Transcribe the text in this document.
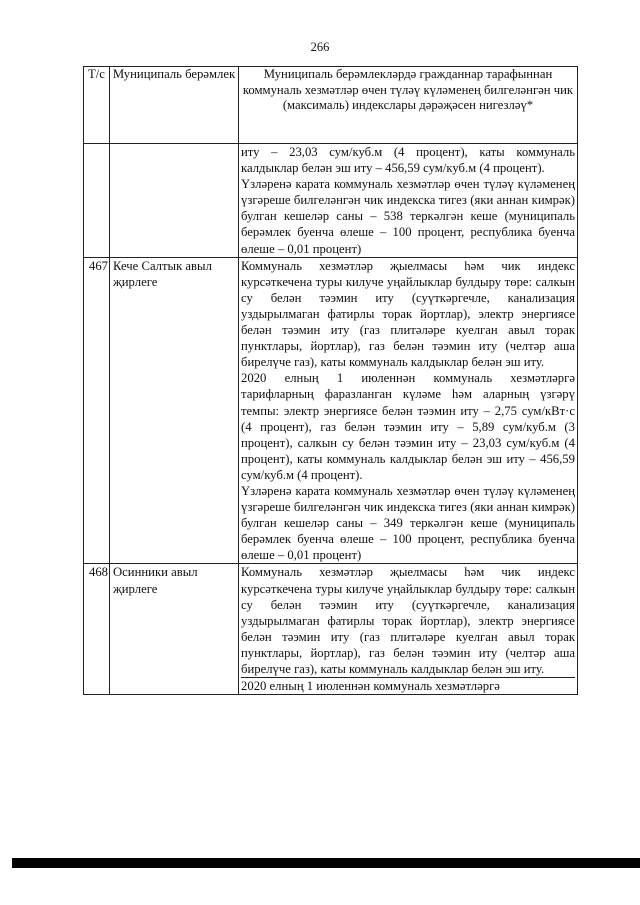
266
Т/с	Муниципаль берәмлек	Муниципаль берәмлекләрдә гражданнар тарафыннан коммуналь хезмәтләр өчен түләү күләменең билгеләнгән чик (максималь) индекслары дәрәҗәсен нигезләү*

		иту – 23,03 сум/куб.м (4 процент), каты коммуналь калдыклар белән эш иту – 456,59 сум/куб.м (4 процент).
Үзләренә карата коммуналь хезмәтләр өчен түләү күләменең үзгәреше билгеләнгән чик индекска тигез (яки аннан кимрәк) булган кешеләр саны – 538 теркәлгән кеше (муниципаль берәмлек буенча өлеше – 100 процент, республика буенча өлеше – 0,01 процент)

467	Кече Салтык авыл җирлеге	Коммуналь хезмәтләр җыелмасы һәм чик индекс курсәткечена туры килуче уңайлыклар булдыру төре: салкын су белән тәэмин иту (суүткәргечле, канализация уздырылмаган фатирлы торак йортлар), электр энергиясе белән тәэмин иту (газ плитәләре куелган авыл торак пунктлары, йортлар), газ белән тәэмин иту (челтәр аша бирелүче газ), каты коммуналь калдыклар белән эш иту.
2020 елның 1 июленнән коммуналь хезмәтләргә тарифларның фаразланган күләме һәм аларның үзгәрү темпы: электр энергиясе белән тәэмин иту – 2,75 сум/кВт·с (4 процент), газ белән тәэмин иту – 5,89 сум/куб.м (3 процент), салкын су белән тәэмин иту – 23,03 сум/куб.м (4 процент), каты коммуналь калдыклар белән эш иту – 456,59 сум/куб.м (4 процент).
Үзләренә карата коммуналь хезмәтләр өчен түләү күләменең үзгәреше билгеләнгән чик индекска тигез (яки аннан кимрәк) булган кешеләр саны – 349 теркәлгән кеше (муниципаль берәмлек буенча өлеше – 100 процент, республика буенча өлеше – 0,01 процент)

468	Осинники авыл җирлеге	Коммуналь хезмәтләр җыелмасы һәм чик индекс курсәткечена туры килуче уңайлыклар булдыру төре: салкын су белән тәэмин иту (суүткәргечле, канализация уздырылмаган фатирлы торак йортлар), электр энергиясе белән тәэмин иту (газ плитәләре куелган авыл торак пунктлары, йортлар), газ белән тәэмин иту (челтәр аша бирелүче газ), каты коммуналь калдыклар белән эш иту.
2020 елның 1 июленнән коммуналь хезмәтләргә
